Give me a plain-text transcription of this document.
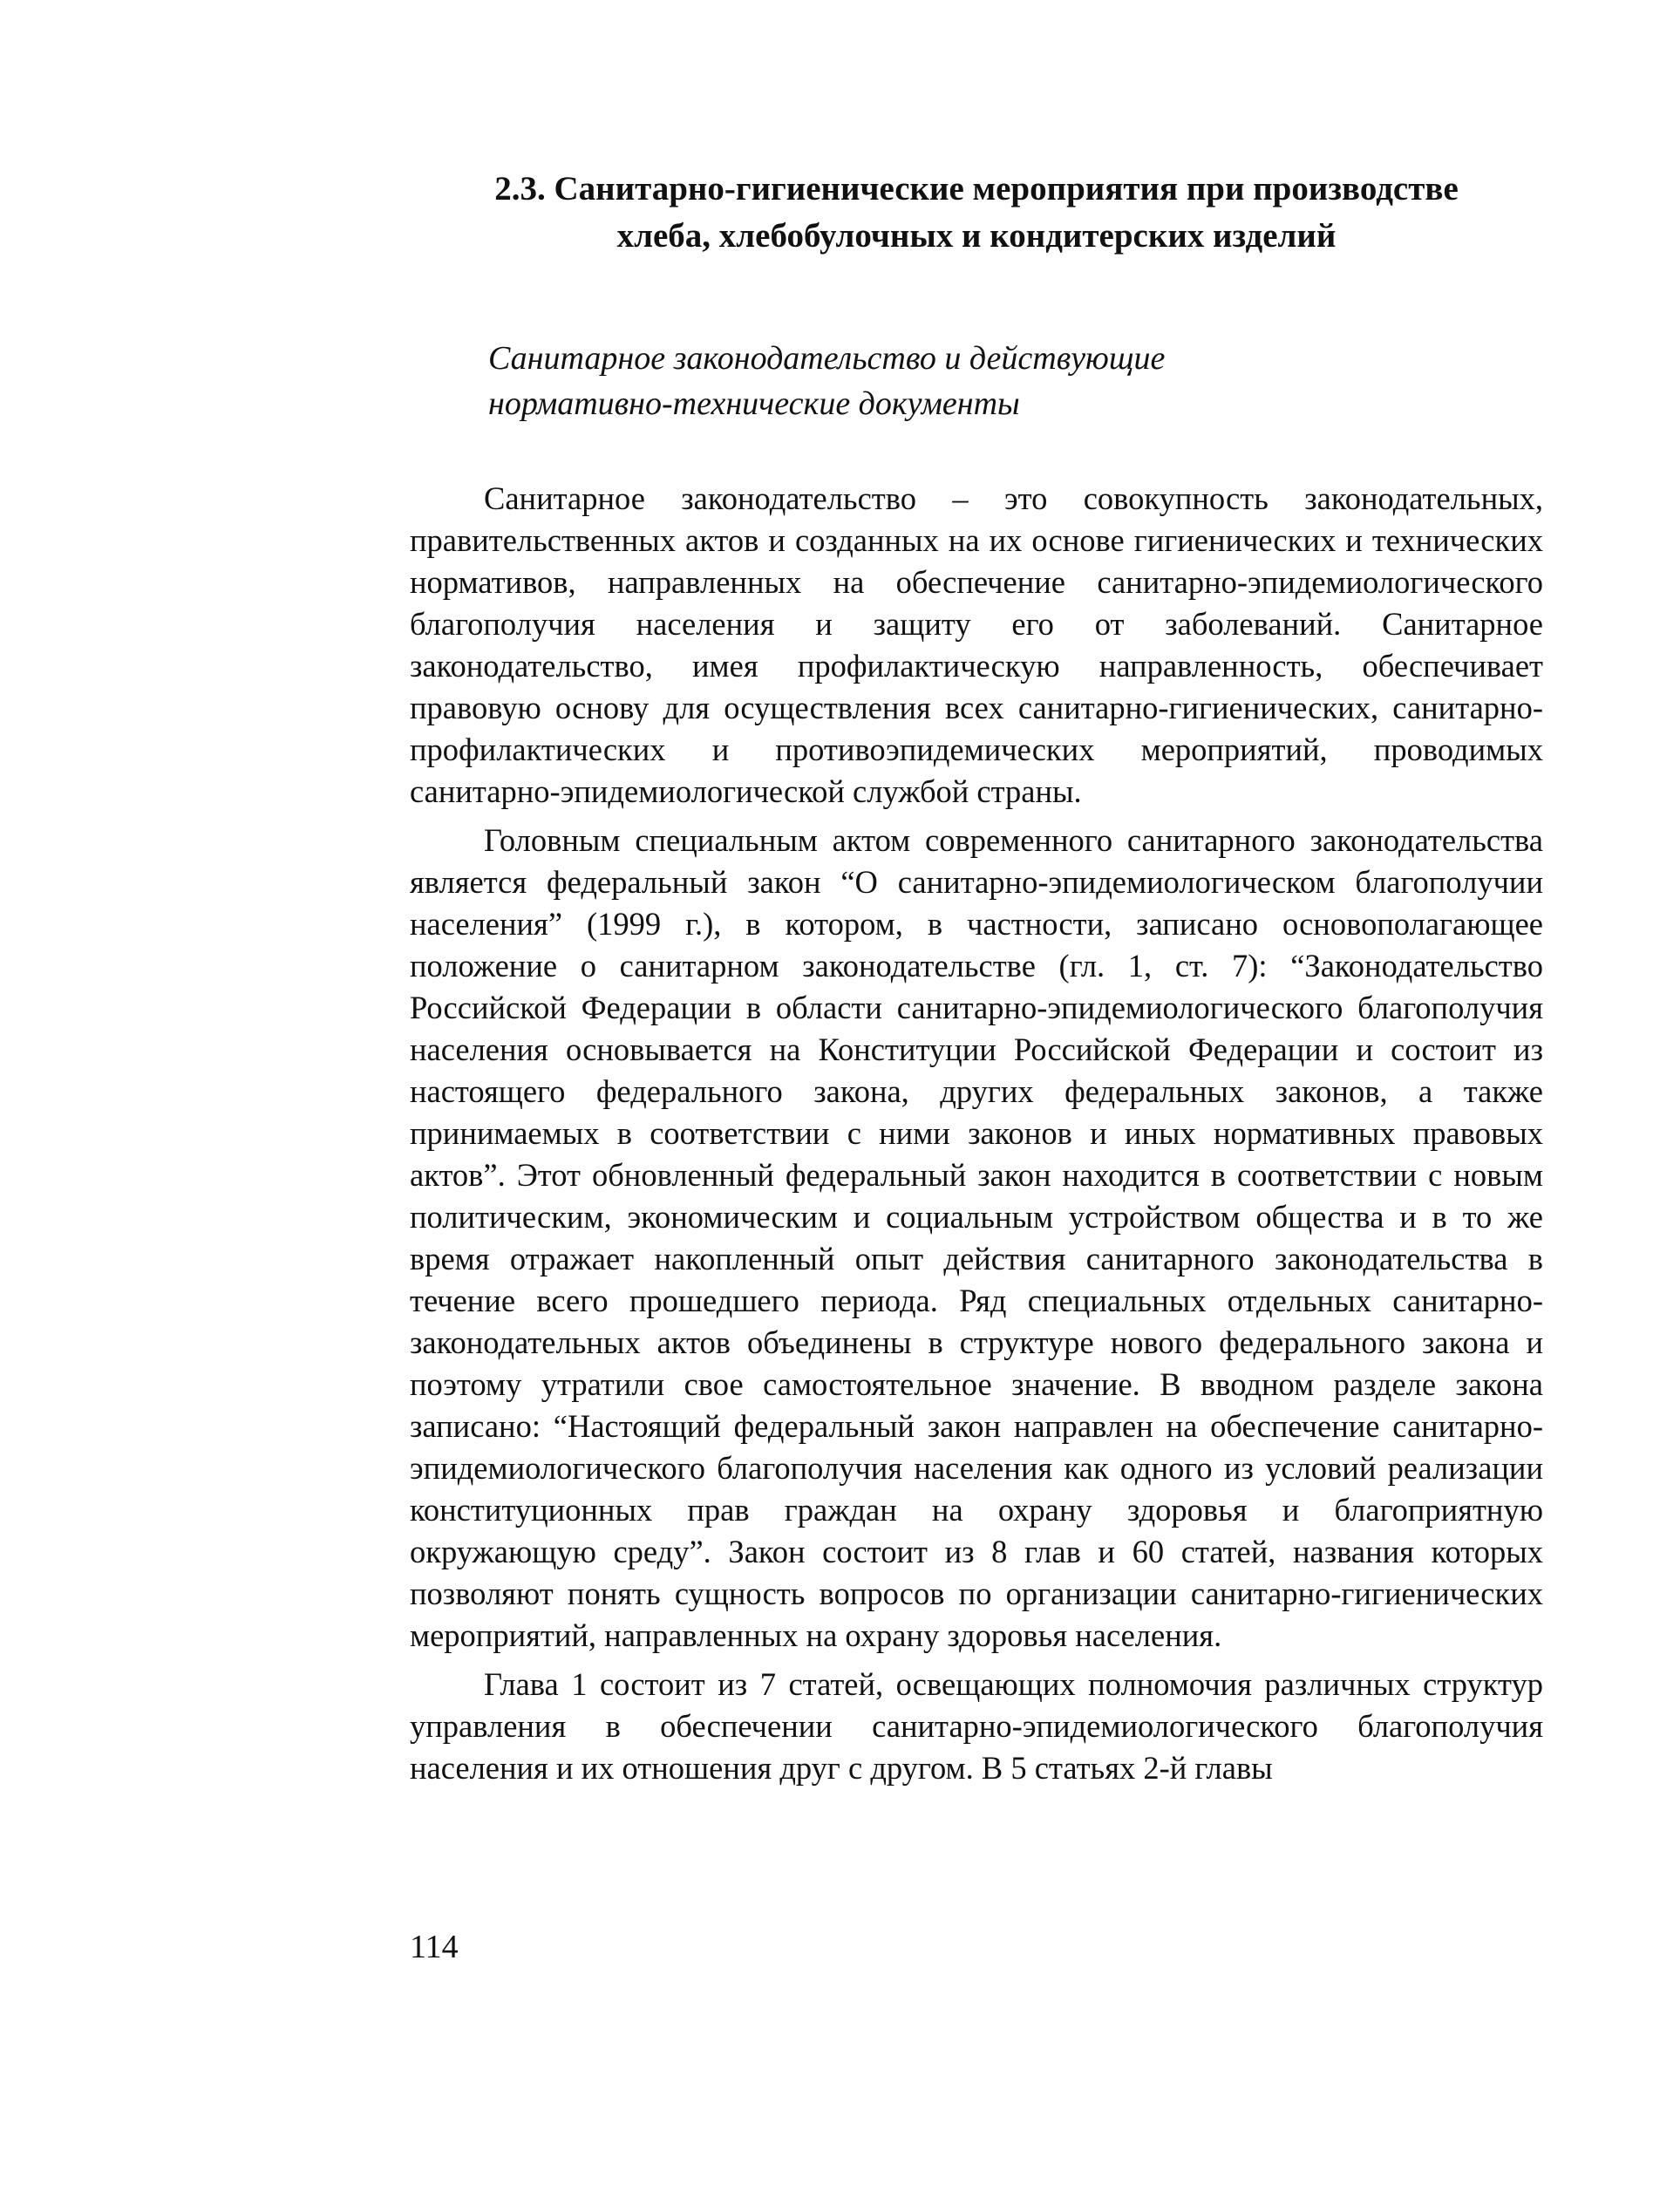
2.3. Санитарно-гигиенические мероприятия при производстве
хлеба, хлебобулочных и кондитерских изделий
Санитарное законодательство и действующие
нормативно-технические документы

Санитарное законодательство – это совокупность законодательных, правительственных актов и созданных на их основе гигиенических и технических нормативов, направленных на обеспечение санитарно-эпидемиологического благополучия населения и защиту его от заболеваний. Санитарное законодательство, имея профилактическую направленность, обеспечивает правовую основу для осуществления всех санитарно-гигиенических, санитарно-профилактических и противоэпидемических мероприятий, проводимых санитарно-эпидемиологической службой страны.

Головным специальным актом современного санитарного законодательства является федеральный закон “О санитарно-эпидемиологическом благополучии населения” (1999 г.), в котором, в частности, записано основополагающее положение о санитарном законодательстве (гл. 1, ст. 7): “Законодательство Российской Федерации в области санитарно-эпидемиологического благополучия населения основывается на Конституции Российской Федерации и состоит из настоящего федерального закона, других федеральных законов, а также принимаемых в соответствии с ними законов и иных нормативных правовых актов”. Этот обновленный федеральный закон находится в соответствии с новым политическим, экономическим и социальным устройством общества и в то же время отражает накопленный опыт действия санитарного законодательства в течение всего прошедшего периода. Ряд специальных отдельных санитарно-законодательных актов объединены в структуре нового федерального закона и поэтому утратили свое самостоятельное значение. В вводном разделе закона записано: “Настоящий федеральный закон направлен на обеспечение санитарно-эпидемиологического благополучия населения как одного из условий реализации конституционных прав граждан на охрану здоровья и благоприятную окружающую среду”. Закон состоит из 8 глав и 60 статей, названия которых позволяют понять сущность вопросов по организации санитарно-гигиенических мероприятий, направленных на охрану здоровья населения.

Глава 1 состоит из 7 статей, освещающих полномочия различных структур управления в обеспечении санитарно-эпидемиологического благополучия населения и их отношения друг с другом. В 5 статьях 2-й главы

114
